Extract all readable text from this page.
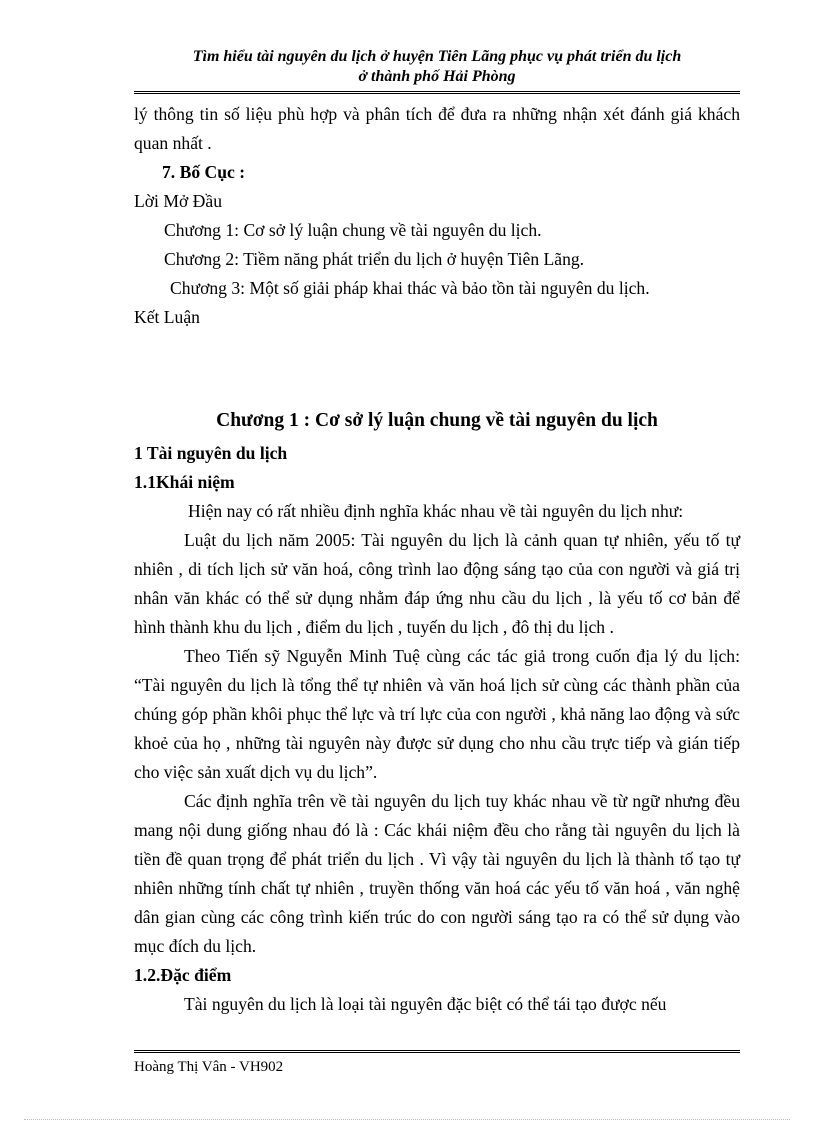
Tìm hiểu tài nguyên du lịch ở huyện Tiên Lãng phục vụ phát triển du lịch
ở thành phố Hải Phòng

lý thông tin số liệu phù hợp và phân tích để đưa ra những nhận xét đánh giá khách quan nhất .

7. Bố Cục :

Lời Mở Đầu

Chương 1: Cơ sở lý luận chung về tài nguyên du lịch.

Chương 2: Tiềm năng phát triển du lịch ở huyện Tiên Lãng.

Chương 3: Một số giải pháp khai thác và bảo tồn tài nguyên du lịch.

Kết Luận

Chương 1 : Cơ sở lý luận chung về tài nguyên du lịch

1 Tài nguyên du lịch

1.1Khái niệm

Hiện nay có rất nhiều định nghĩa khác nhau về tài nguyên du lịch như:

Luật du lịch năm 2005: Tài nguyên du lịch là cảnh quan tự nhiên, yếu tố tự nhiên , di tích lịch sử văn hoá, công trình lao động sáng tạo của con người và giá trị nhân văn khác có thể sử dụng nhằm đáp ứng nhu cầu du lịch , là yếu tố cơ bản để hình thành khu du lịch , điểm du lịch , tuyến du lịch , đô thị du lịch .

Theo Tiến sỹ Nguyễn Minh Tuệ cùng các tác giả trong cuốn địa lý du lịch: “Tài nguyên du lịch là tổng thể tự nhiên và văn hoá lịch sử cùng các thành phần của chúng góp phần khôi phục thể lực và trí lực của con người , khả năng lao động và sức khoẻ của họ , những tài nguyên này được sử dụng cho nhu cầu trực tiếp và gián tiếp cho việc sản xuất dịch vụ du lịch”.

Các định nghĩa trên về tài nguyên du lịch tuy khác nhau về từ ngữ nhưng đều mang nội dung giống nhau đó là : Các khái niệm đều cho rằng tài nguyên du lịch là tiền đề quan trọng để phát triển du lịch . Vì vậy tài nguyên du lịch là thành tố tạo tự nhiên những tính chất tự nhiên , truyền thống văn hoá các yếu tố văn hoá , văn nghệ dân gian cùng các công trình kiến trúc do con người sáng tạo ra có thể sử dụng vào mục đích du lịch.

1.2.Đặc điểm

Tài nguyên du lịch là loại tài nguyên đặc biệt có thể tái tạo được nếu

Hoàng Thị Vân - VH902
